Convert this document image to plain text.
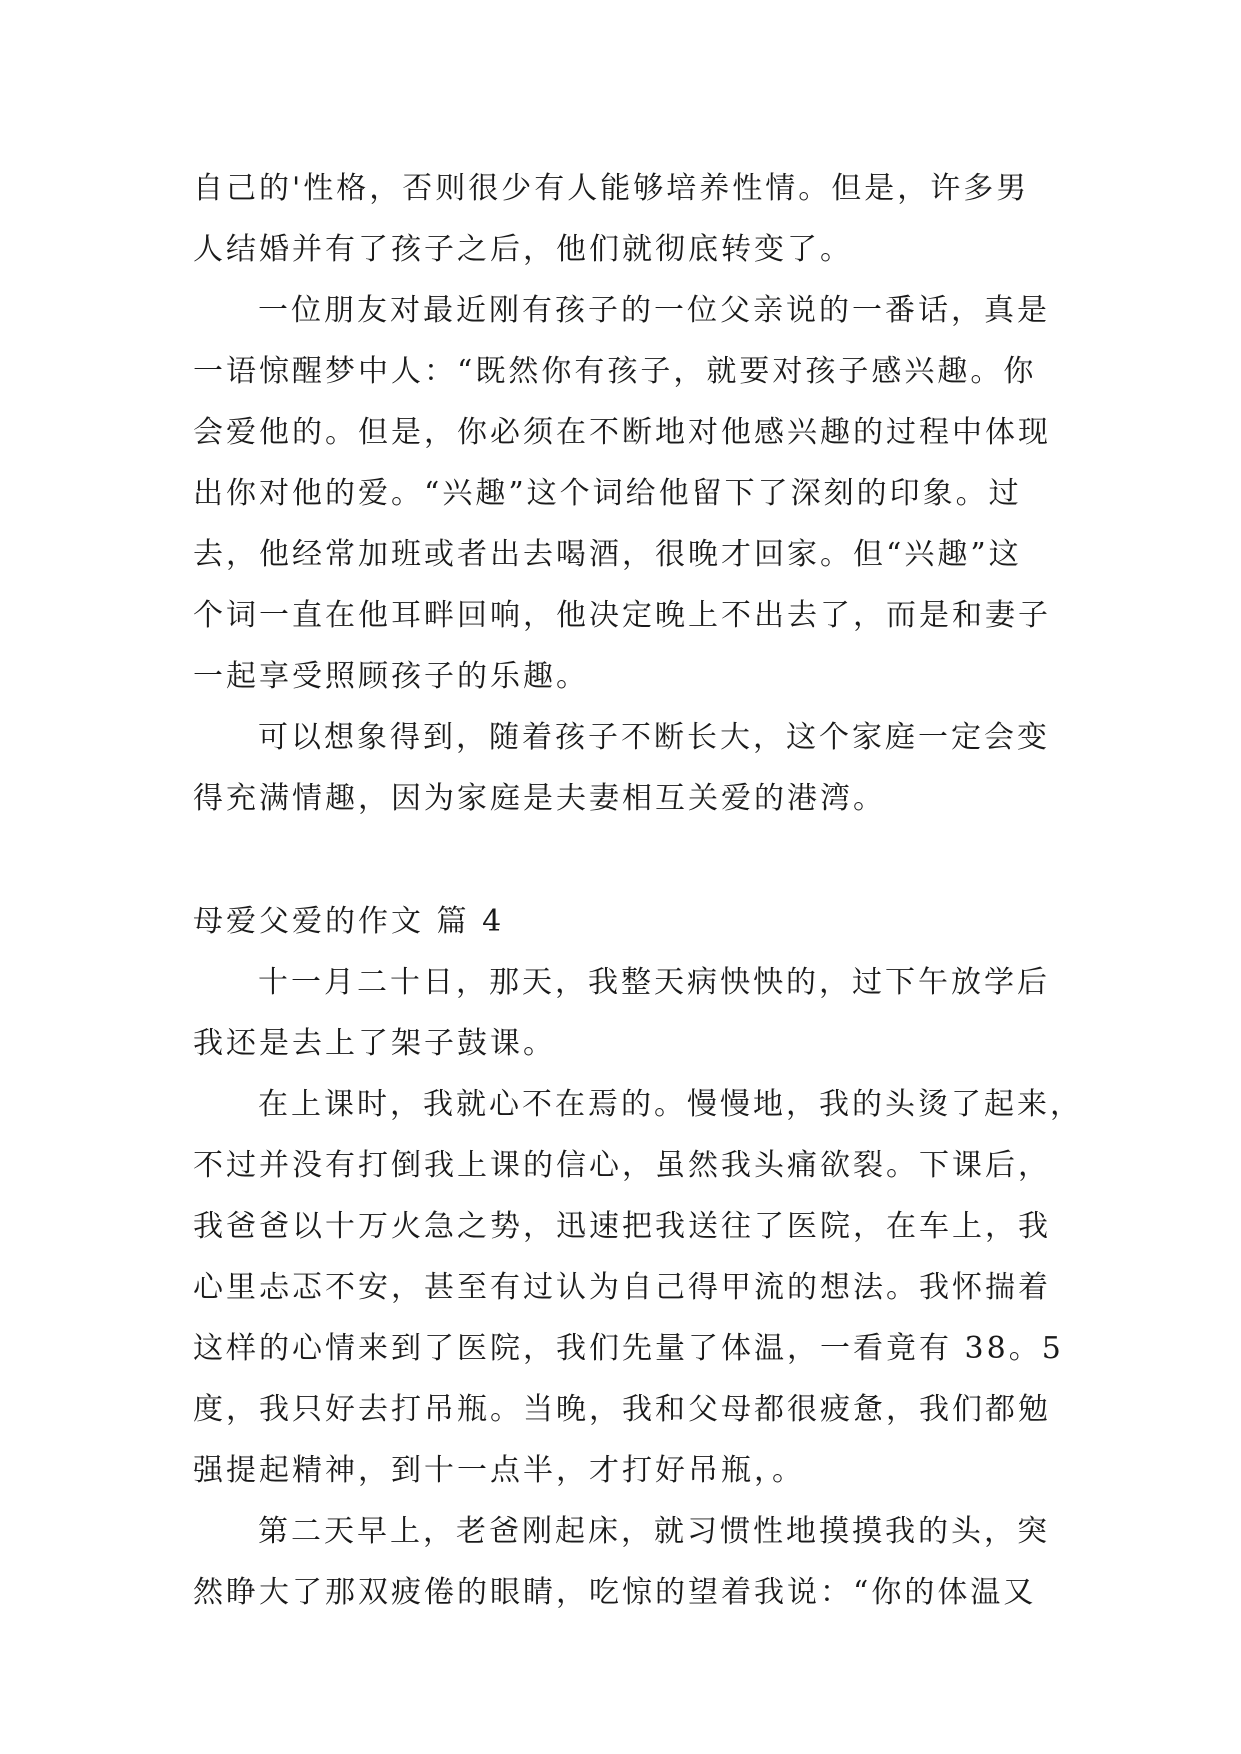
自己的'性格，否则很少有人能够培养性情。但是，许多男
人结婚并有了孩子之后，他们就彻底转变了。
一位朋友对最近刚有孩子的一位父亲说的一番话，真是
一语惊醒梦中人：“既然你有孩子，就要对孩子感兴趣。你
会爱他的。但是，你必须在不断地对他感兴趣的过程中体现
出你对他的爱。“兴趣”这个词给他留下了深刻的印象。过
去，他经常加班或者出去喝酒，很晚才回家。但“兴趣”这
个词一直在他耳畔回响，他决定晚上不出去了，而是和妻子
一起享受照顾孩子的乐趣。
可以想象得到，随着孩子不断长大，这个家庭一定会变
得充满情趣，因为家庭是夫妻相互关爱的港湾。
母爱父爱的作文 篇 4
十一月二十日，那天，我整天病怏怏的，过下午放学后
我还是去上了架子鼓课。
在上课时，我就心不在焉的。慢慢地，我的头烫了起来，
不过并没有打倒我上课的信心，虽然我头痛欲裂。下课后，
我爸爸以十万火急之势，迅速把我送往了医院，在车上，我
心里忐忑不安，甚至有过认为自己得甲流的想法。我怀揣着
这样的心情来到了医院，我们先量了体温，一看竟有 38。5
度，我只好去打吊瓶。当晚，我和父母都很疲惫，我们都勉
强提起精神，到十一点半，才打好吊瓶，。
第二天早上，老爸刚起床，就习惯性地摸摸我的头，突
然睁大了那双疲倦的眼睛，吃惊的望着我说：“你的体温又
